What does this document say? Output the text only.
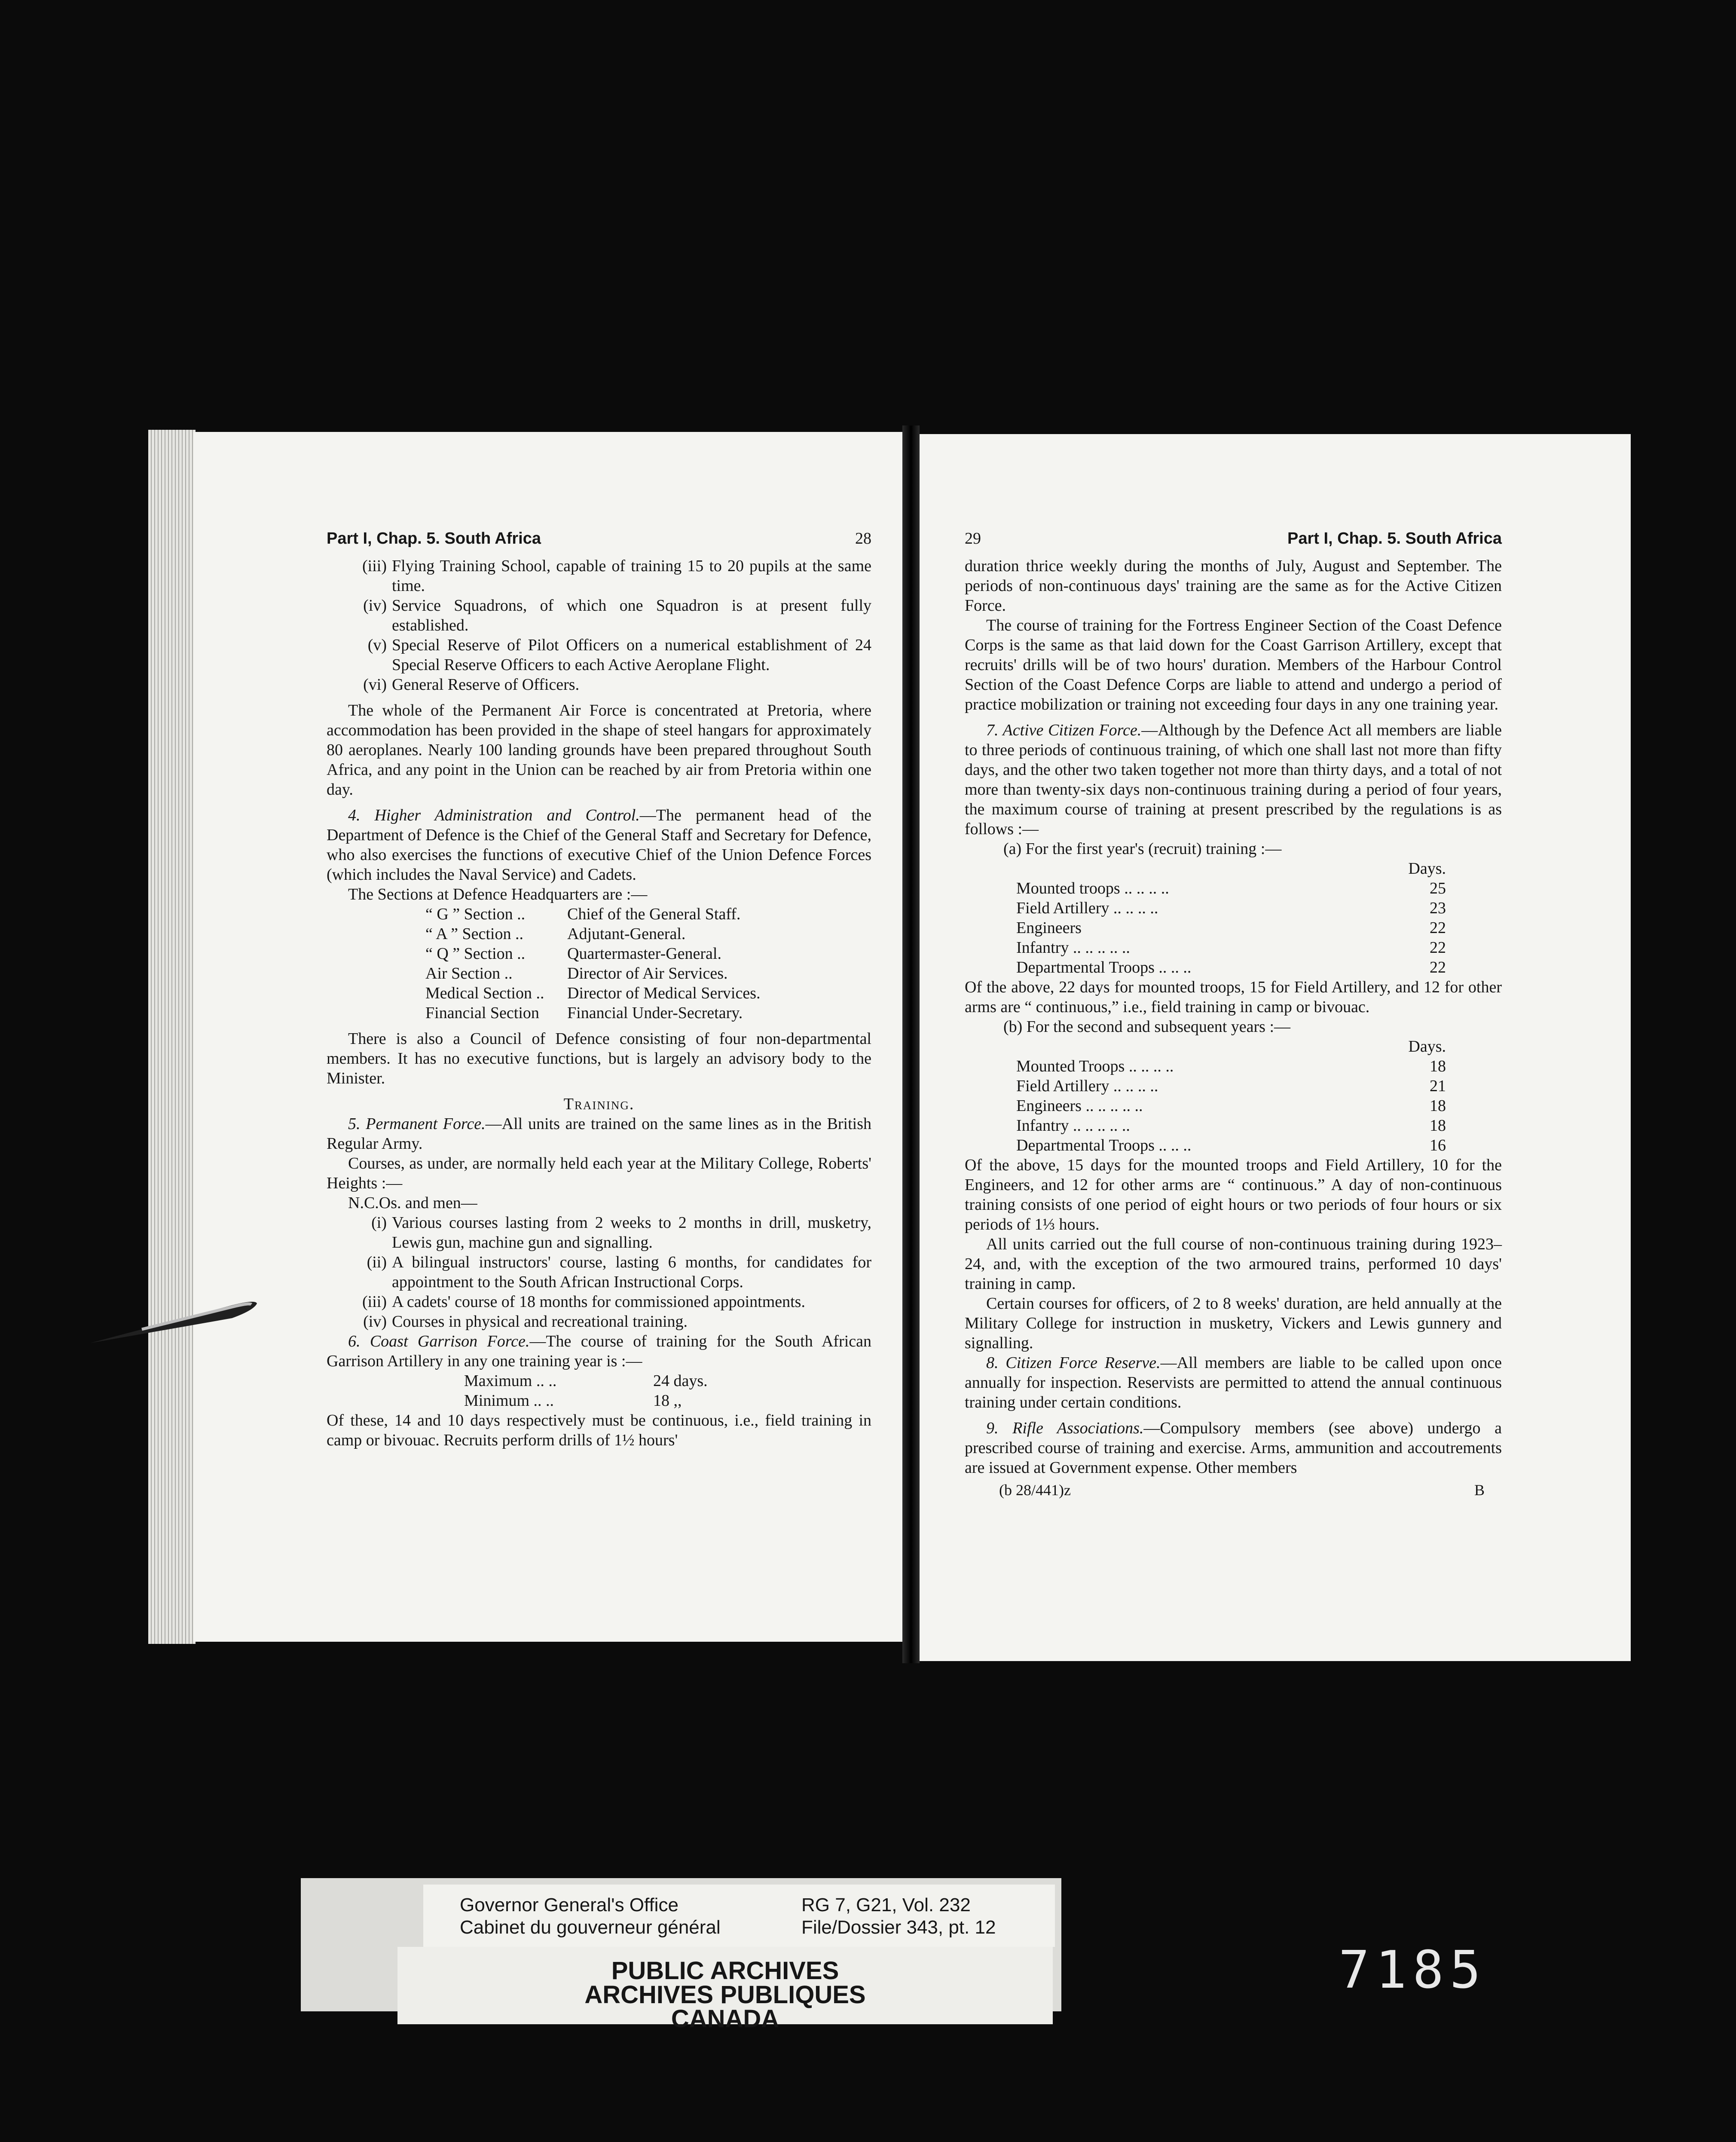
Part I, Chap. 5. South Africa	28
(iii) Flying Training School, capable of training 15 to 20 pupils at the same time.
(iv) Service Squadrons, of which one Squadron is at present fully established.
(v) Special Reserve of Pilot Officers on a numerical establishment of 24 Special Reserve Officers to each Active Aeroplane Flight.
(vi) General Reserve of Officers.

The whole of the Permanent Air Force is concentrated at Pretoria, where accommodation has been provided in the shape of steel hangars for approximately 80 aeroplanes. Nearly 100 landing grounds have been prepared throughout South Africa, and any point in the Union can be reached by air from Pretoria within one day.

4. Higher Administration and Control.—The permanent head of the Department of Defence is the Chief of the General Staff and Secretary for Defence, who also exercises the functions of executive Chief of the Union Defence Forces (which includes the Naval Service) and Cadets.

The Sections at Defence Headquarters are :—

“ G ” Section ..	Chief of the General Staff.
“ A ” Section ..	Adjutant-General.
“ Q ” Section ..	Quartermaster-General.
Air Section ..	Director of Air Services.
Medical Section ..	Director of Medical Services.
Financial Section	Financial Under-Secretary.

There is also a Council of Defence consisting of four non-departmental members. It has no executive functions, but is largely an advisory body to the Minister.

Training.

5. Permanent Force.—All units are trained on the same lines as in the British Regular Army.

Courses, as under, are normally held each year at the Military College, Roberts' Heights :—

N.C.Os. and men—

(i) Various courses lasting from 2 weeks to 2 months in drill, musketry, Lewis gun, machine gun and signalling.
(ii) A bilingual instructors' course, lasting 6 months, for candidates for appointment to the South African Instructional Corps.
(iii) A cadets' course of 18 months for commissioned appointments.
(iv) Courses in physical and recreational training.

6. Coast Garrison Force.—The course of training for the South African Garrison Artillery in any one training year is :—

Maximum .. ..	24 days.
Minimum .. ..	18 ,,

Of these, 14 and 10 days respectively must be continuous, i.e., field training in camp or bivouac. Recruits perform drills of 1½ hours'

29	Part I, Chap. 5. South Africa

duration thrice weekly during the months of July, August and September. The periods of non-continuous days' training are the same as for the Active Citizen Force.

The course of training for the Fortress Engineer Section of the Coast Defence Corps is the same as that laid down for the Coast Garrison Artillery, except that recruits' drills will be of two hours' duration. Members of the Harbour Control Section of the Coast Defence Corps are liable to attend and undergo a period of practice mobilization or training not exceeding four days in any one training year.

7. Active Citizen Force.—Although by the Defence Act all members are liable to three periods of continuous training, of which one shall last not more than fifty days, and the other two taken together not more than thirty days, and a total of not more than twenty-six days non-continuous training during a period of four years, the maximum course of training at present prescribed by the regulations is as follows :—

(a) For the first year's (recruit) training :—

Days.
Mounted troops .. .. .. ..	25
Field Artillery .. .. .. ..	23
Engineers	22
Infantry .. .. .. .. ..	22
Departmental Troops .. .. ..	22

Of the above, 22 days for mounted troops, 15 for Field Artillery, and 12 for other arms are “ continuous,” i.e., field training in camp or bivouac.

(b) For the second and subsequent years :—

Days.
Mounted Troops .. .. .. ..	18
Field Artillery .. .. .. ..	21
Engineers .. .. .. .. ..	18
Infantry .. .. .. .. ..	18
Departmental Troops .. .. ..	16

Of the above, 15 days for the mounted troops and Field Artillery, 10 for the Engineers, and 12 for other arms are “ continuous.” A day of non-continuous training consists of one period of eight hours or two periods of four hours or six periods of 1⅓ hours.

All units carried out the full course of non-continuous training during 1923–24, and, with the exception of the two armoured trains, performed 10 days' training in camp.

Certain courses for officers, of 2 to 8 weeks' duration, are held annually at the Military College for instruction in musketry, Vickers and Lewis gunnery and signalling.

8. Citizen Force Reserve.—All members are liable to be called upon once annually for inspection. Reservists are permitted to attend the annual continuous training under certain conditions.

9. Rifle Associations.—Compulsory members (see above) undergo a prescribed course of training and exercise. Arms, ammunition and accoutrements are issued at Government expense. Other members

(b 28/441)z	B
Governor General's Office
Cabinet du gouverneur général
RG 7, G21, Vol. 232
File/Dossier 343, pt. 12
PUBLIC ARCHIVES
ARCHIVES PUBLIQUES
CANADA
7185
